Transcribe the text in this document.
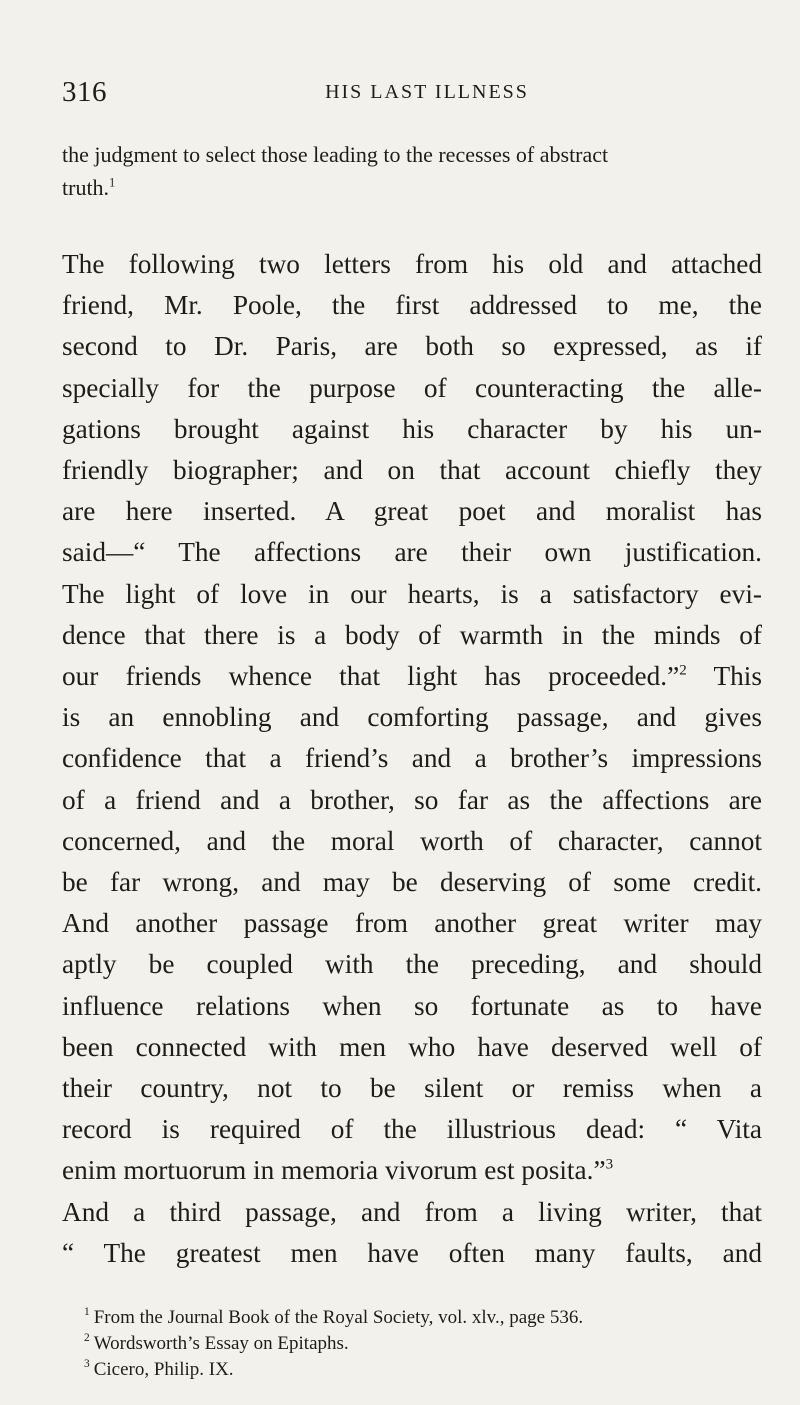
316	HIS LAST ILLNESS

the judgment to select those leading to the recesses of abstract
truth.$^1$

The following two letters from his old and attached
friend, Mr. Poole, the first addressed to me, the
second to Dr. Paris, are both so expressed, as if
specially for the purpose of counteracting the alle-
gations brought against his character by his un-
friendly biographer; and on that account chiefly they
are here inserted. A great poet and moralist has
said—“ The affections are their own justification.
The light of love in our hearts, is a satisfactory evi-
dence that there is a body of warmth in the minds of
our friends whence that light has proceeded.”$^2$ This
is an ennobling and comforting passage, and gives
confidence that a friend’s and a brother’s impressions
of a friend and a brother, so far as the affections are
concerned, and the moral worth of character, cannot
be far wrong, and may be deserving of some credit.
And another passage from another great writer may
aptly be coupled with the preceding, and should
influence relations when so fortunate as to have
been connected with men who have deserved well of
their country, not to be silent or remiss when a
record is required of the illustrious dead: “ Vita
enim mortuorum in memoria vivorum est posita.”$^3$
And a third passage, and from a living writer, that
“ The greatest men have often many faults, and

$^1$ From the Journal Book of the Royal Society, vol. xlv., page 536.
$^2$ Wordsworth’s Essay on Epitaphs.
$^3$ Cicero, Philip. IX.
